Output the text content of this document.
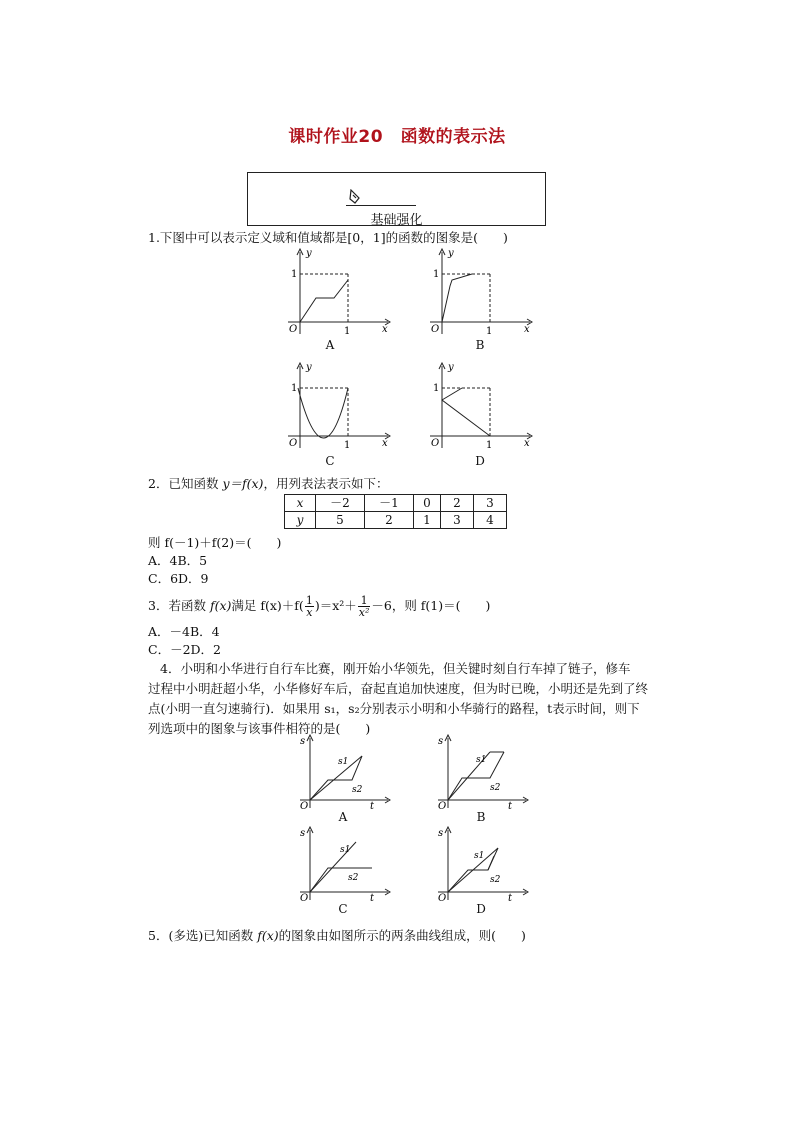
课时作业20　函数的表示法
基础强化
1.下图中可以表示定义域和值域都是[0，1]的函数的图象是(　　)
y
x
O
1
1
A
y
x
O
1
1
B
y
x
O
1
1
C
y
x
O
1
1
D
2．已知函数 y＝f(x)，用列表法表示如下：
x	－2	－1	0	2	3
y	5	2	1	3	4
则 f(－1)＋f(2)＝(　　)
A．4B．5
C．6D．9
3．若函数 f(x)满足 $f(x)+f( \frac{1}{x} )=x^2+ \frac{1}{\text{x²}} -6$，则 f(1)＝(　　)
A．－4B．4
C．－2D．2
4．小明和小华进行自行车比赛，刚开始小华领先，但关键时刻自行车掉了链子，修车
过程中小明赶超小华，小华修好车后，奋起直追加快速度，但为时已晚，小明还是先到了终
点(小明一直匀速骑行)．如果用 s₁，s₂分别表示小明和小华骑行的路程，t表示时间，则下
列选项中的图象与该事件相符的是(　　)
s
t
O
s1
s2
A
s
t
O
s1
s2
B
s
t
O
s1
s2
C
s
t
O
s1
s2
D
5．(多选)已知函数 f(x)的图象由如图所示的两条曲线组成，则(　　)
